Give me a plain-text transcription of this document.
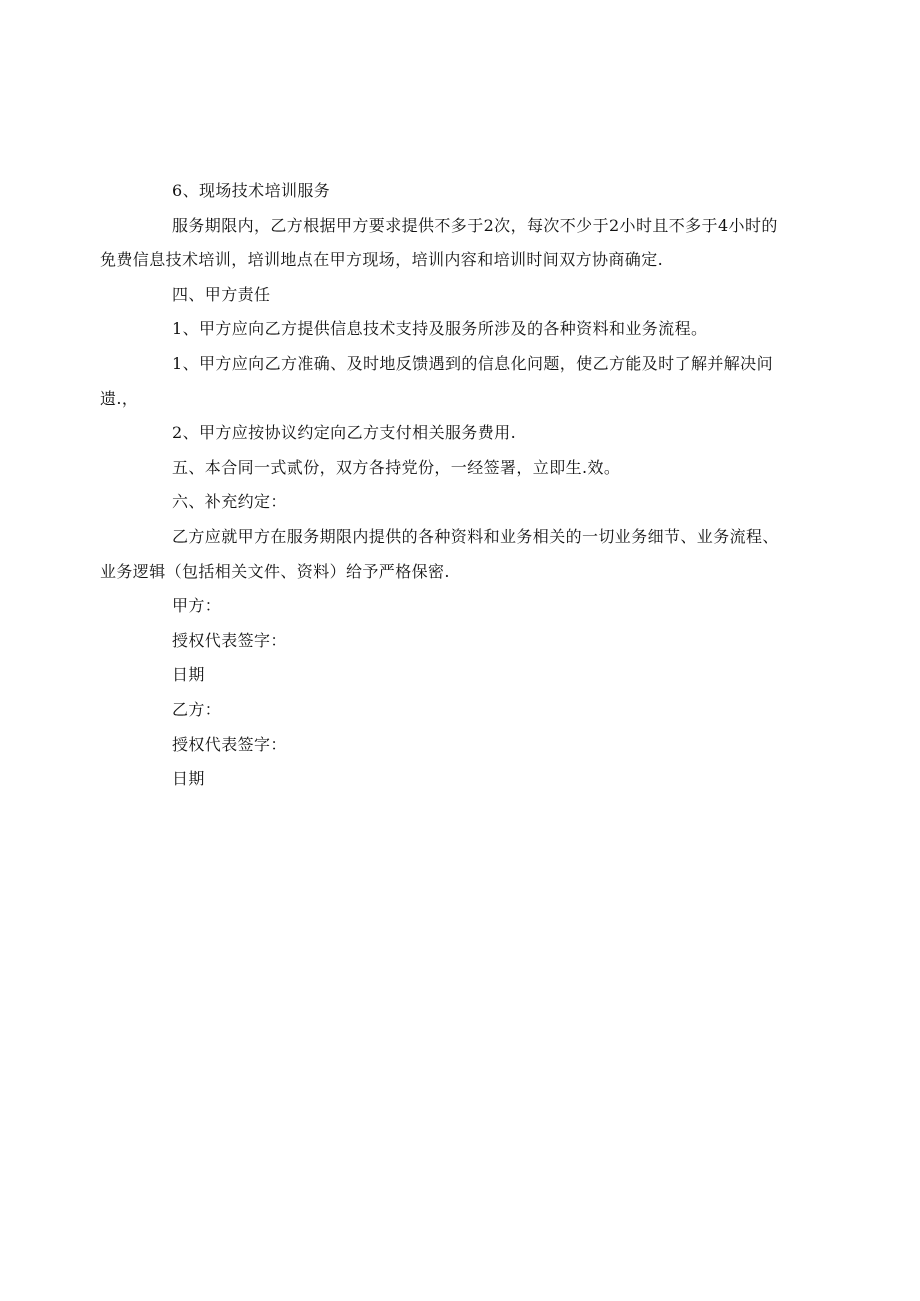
6、现场技术培训服务

服务期限内，乙方根据甲方要求提供不多于2次，每次不少于2小时且不多于4小时的
免费信息技术培训，培训地点在甲方现场，培训内容和培训时间双方协商确定.

四、甲方责任

1、甲方应向乙方提供信息技术支持及服务所涉及的各种资料和业务流程。

1、甲方应向乙方准确、及时地反馈遇到的信息化问题，使乙方能及时了解并解决问
遗.，

2、甲方应按协议约定向乙方支付相关服务费用.

五、本合同一式贰份，双方各持党份，一经签署，立即生.效。

六、补充约定：

乙方应就甲方在服务期限内提供的各种资料和业务相关的一切业务细节、业务流程、
业务逻辑（包括相关文件、资料）给予严格保密.

甲方：

授权代表签字：

日期

乙方：

授权代表签字：

日期
